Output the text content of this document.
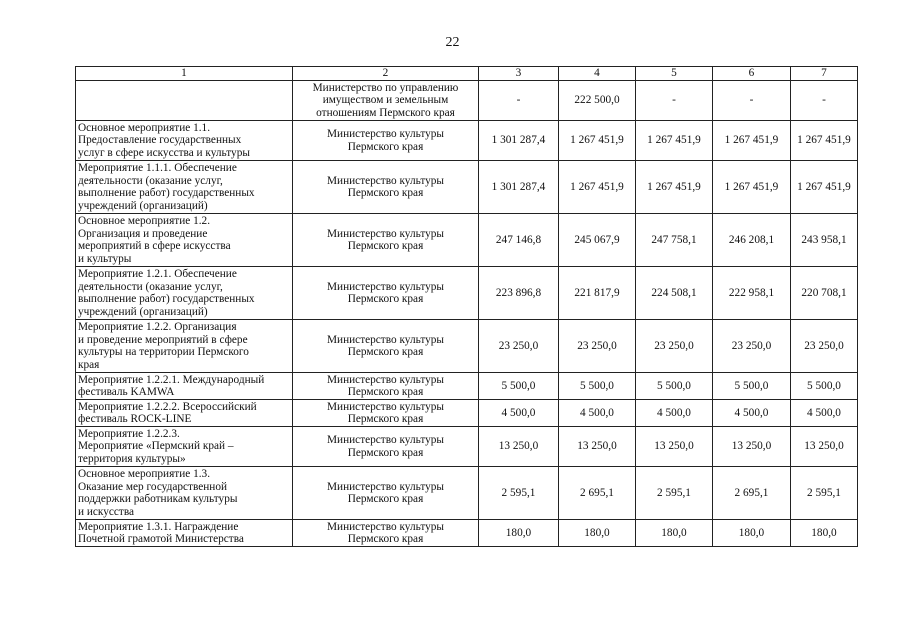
22
1	2	3	4	5	6	7
	Министерство по управлению
имуществом и земельным
отношениям Пермского края	-	222 500,0	-	-	-
Основное мероприятие 1.1.
Предоставление государственных
услуг в сфере искусства и культуры	Министерство культуры
Пермского края	1 301 287,4	1 267 451,9	1 267 451,9	1 267 451,9	1 267 451,9
Мероприятие 1.1.1. Обеспечение
деятельности (оказание услуг,
выполнение работ) государственных
учреждений (организаций)	Министерство культуры
Пермского края	1 301 287,4	1 267 451,9	1 267 451,9	1 267 451,9	1 267 451,9
Основное мероприятие 1.2.
Организация и проведение
мероприятий в сфере искусства
и культуры	Министерство культуры
Пермского края	247 146,8	245 067,9	247 758,1	246 208,1	243 958,1
Мероприятие 1.2.1. Обеспечение
деятельности (оказание услуг,
выполнение работ) государственных
учреждений (организаций)	Министерство культуры
Пермского края	223 896,8	221 817,9	224 508,1	222 958,1	220 708,1
Мероприятие 1.2.2. Организация
и проведение мероприятий в сфере
культуры на территории Пермского
края	Министерство культуры
Пермского края	23 250,0	23 250,0	23 250,0	23 250,0	23 250,0
Мероприятие 1.2.2.1. Международный
фестиваль KAMWA	Министерство культуры
Пермского края	5 500,0	5 500,0	5 500,0	5 500,0	5 500,0
Мероприятие 1.2.2.2. Всероссийский
фестиваль ROCK-LINE	Министерство культуры
Пермского края	4 500,0	4 500,0	4 500,0	4 500,0	4 500,0
Мероприятие 1.2.2.3.
Мероприятие «Пермский край –
территория культуры»	Министерство культуры
Пермского края	13 250,0	13 250,0	13 250,0	13 250,0	13 250,0
Основное мероприятие 1.3.
Оказание мер государственной
поддержки работникам культуры
и искусства	Министерство культуры
Пермского края	2 595,1	2 695,1	2 595,1	2 695,1	2 595,1
Мероприятие 1.3.1. Награждение
Почетной грамотой Министерства	Министерство культуры
Пермского края	180,0	180,0	180,0	180,0	180,0
